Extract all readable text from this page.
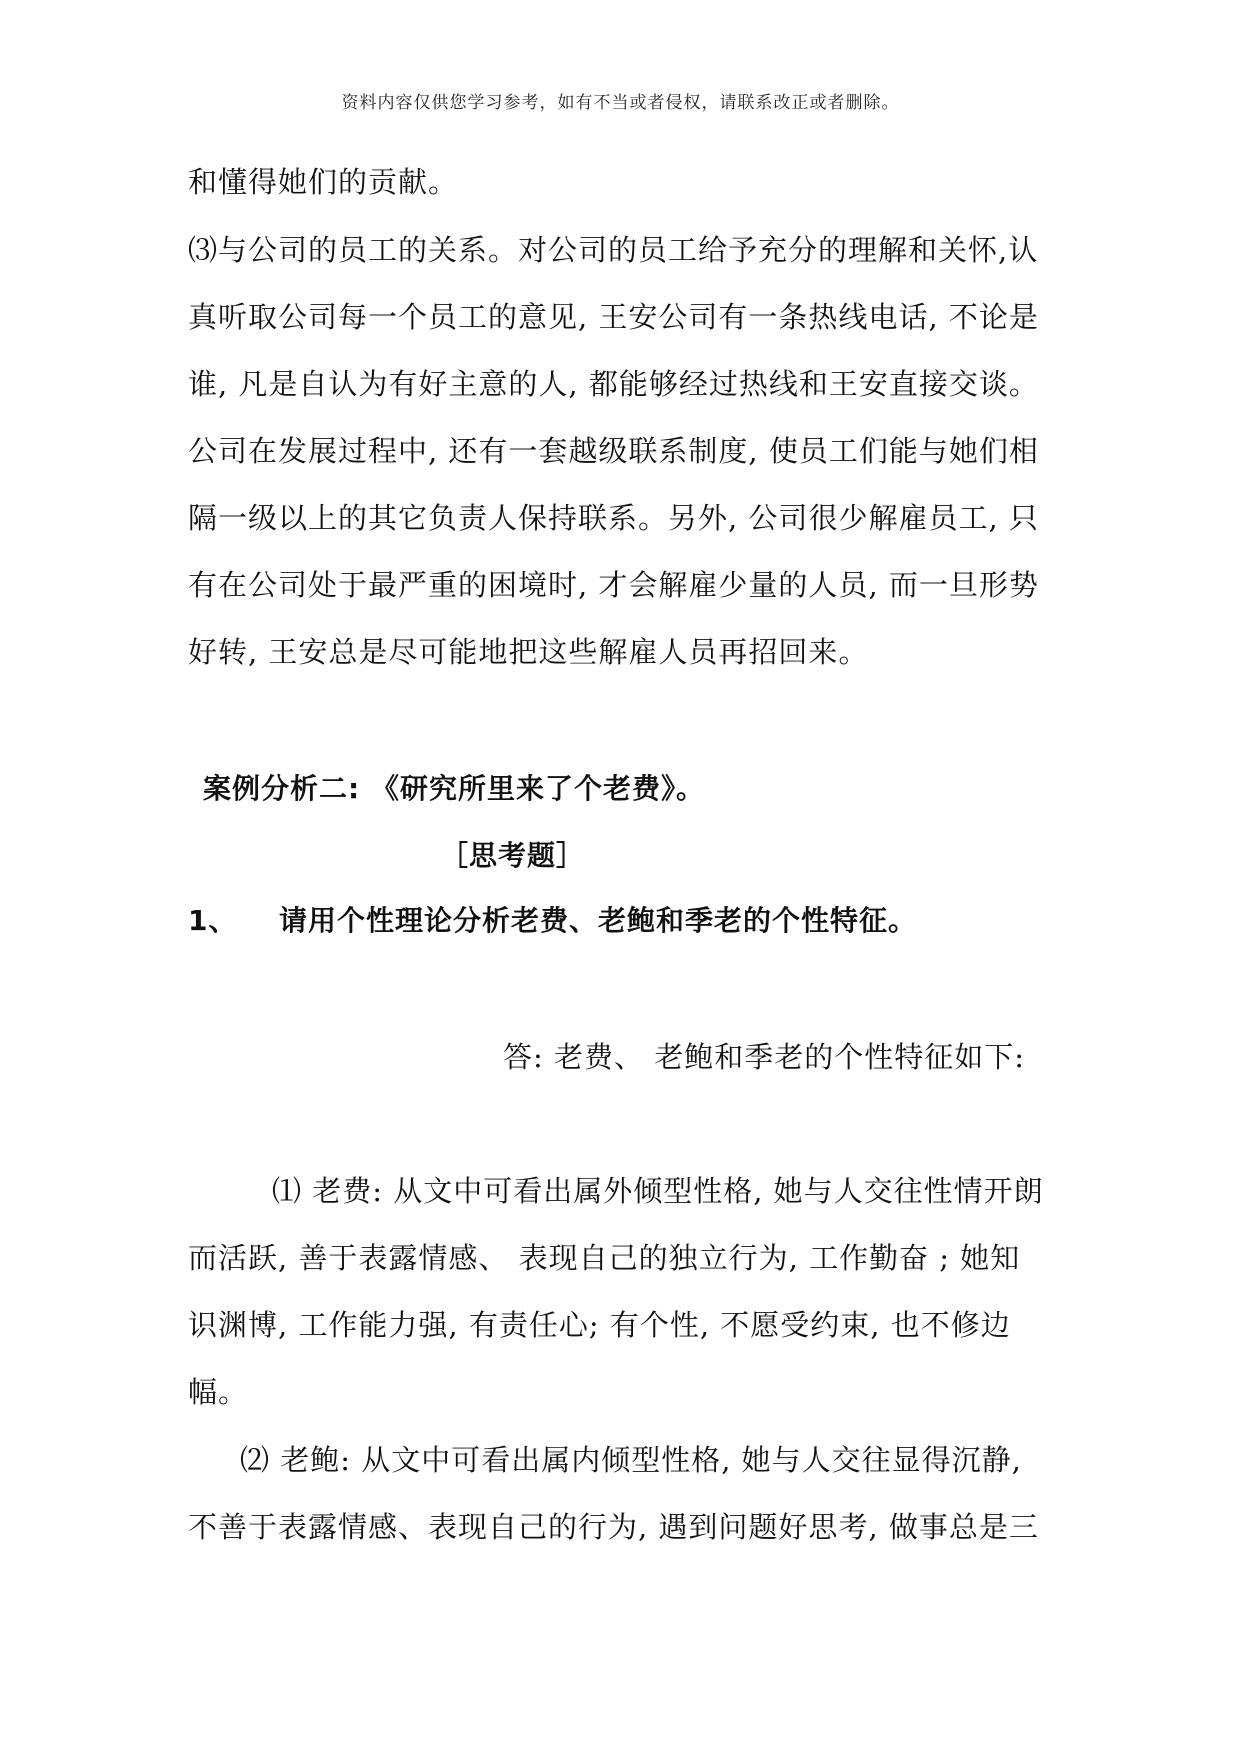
资料内容仅供您学习参考，如有不当或者侵权，请联系改正或者删除。
和懂得她们的贡献。
⑶与公司的员工的关系。对公司的员工给予充分的理解和关怀,认
真听取公司每一个员工的意见, 王安公司有一条热线电话, 不论是
谁, 凡是自认为有好主意的人, 都能够经过热线和王安直接交谈。
公司在发展过程中, 还有一套越级联系制度, 使员工们能与她们相
隔一级以上的其它负责人保持联系。另外, 公司很少解雇员工, 只
有在公司处于最严重的困境时, 才会解雇少量的人员, 而一旦形势
好转, 王安总是尽可能地把这些解雇人员再招回来。
案例分析二: 《研究所里来了个老费》。
［思考题］
1、 请用个性理论分析老费、老鲍和季老的个性特征。
答: 老费、 老鲍和季老的个性特征如下:
⑴ 老费: 从文中可看出属外倾型性格, 她与人交往性情开朗
而活跃, 善于表露情感、 表现自己的独立行为, 工作勤奋 ; 她知
识渊博, 工作能力强, 有责任心; 有个性, 不愿受约束, 也不修边
幅。
⑵ 老鲍: 从文中可看出属内倾型性格, 她与人交往显得沉静,
不善于表露情感、表现自己的行为, 遇到问题好思考, 做事总是三
